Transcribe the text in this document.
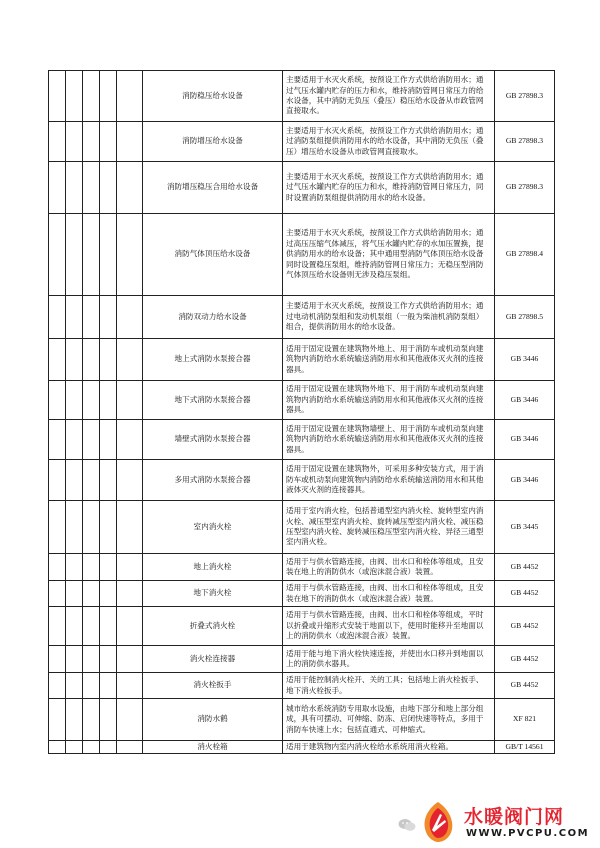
					消防稳压给水设备	主要适用于水灭火系统，按预设工作方式供给消防用水；通过气压水罐内贮存的压力和水，维持消防管网日常压力的给水设备，其中消防无负压（叠压）稳压给水设备从市政管网直接取水。	GB 27898.3
					消防增压给水设备	主要适用于水灭火系统，按预设工作方式供给消防用水；通过消防泵组提供消防用水的给水设备，其中消防无负压（叠压）增压给水设备从市政管网直接取水。	GB 27898.3
					消防增压稳压合用给水设备	主要适用于水灭火系统，按预设工作方式供给消防用水；通过气压水罐内贮存的压力和水，维持消防管网日常压力，同时设置消防泵组提供消防用水的给水设备。	GB 27898.3
					消防气体顶压给水设备	主要适用于水灭火系统，按预设工作方式供给消防用水；通过高压压缩气体减压，将气压水罐内贮存的水加压置换，提供消防用水的给水设备；其中通用型消防气体顶压给水设备同时设置稳压泵组，维持消防管网日常压力；无稳压型消防气体顶压给水设备则无涉及稳压泵组。	GB 27898.4
					消防双动力给水设备	主要适用于水灭火系统，按预设工作方式供给消防用水；通过电动机消防泵组和发动机泵组（一般为柴油机消防泵组）组合，提供消防用水的给水设备。	GB 27898.5
					地上式消防水泵接合器	适用于固定设置在建筑物外地上、用于消防车或机动泵向建筑物内消防给水系统输送消防用水和其他液体灭火剂的连接器具。	GB 3446
					地下式消防水泵接合器	适用于固定设置在建筑物外地下、用于消防车或机动泵向建筑物内消防给水系统输送消防用水和其他液体灭火剂的连接器具。	GB 3446
					墙壁式消防水泵接合器	适用于固定设置在建筑物墙壁上、用于消防车或机动泵向建筑物内消防给水系统输送消防用水和其他液体灭火剂的连接器具。	GB 3446
					多用式消防水泵接合器	适用于固定设置在建筑物外，可采用多种安装方式，用于消防车或机动泵向建筑物内消防给水系统输送消防用水和其他液体灭火剂的连接器具。	GB 3446
					室内消火栓	适用于室内消火栓，包括普通型室内消火栓、旋转型室内消火栓、减压型室内消火栓、旋转减压型室内消火栓、减压稳压型室内消火栓、旋转减压稳压型室内消火栓、异径三通型室内消火栓。	GB 3445
					地上消火栓	适用于与供水管路连接，由阀、出水口和栓体等组成，且安装在地上的消防供水（或泡沫混合液）装置。	GB 4452
					地下消火栓	适用于与供水管路连接，由阀、出水口和栓体等组成，且安装在地下的消防供水（或泡沫混合液）装置。	GB 4452
					折叠式消火栓	适用于与供水管路连接，由阀、出水口和栓体等组成，平时以折叠或升缩形式安装于地面以下，使用时能移升至地面以上的消防供水（或泡沫混合液）装置。	GB 4452
					消火栓连接器	适用于能与地下消火栓快速连接，并使出水口移升到地面以上的消防供水器具。	GB 4452
					消火栓扳手	适用于能控制消火栓开、关的工具；包括地上消火栓扳手、地下消火栓扳手。	GB 4452
					消防水鹤	城市给水系统消防专用取水设施，由地下部分和地上部分组成，具有可摆动、可伸缩、防冻、启闭快速等特点，多用于消防车快速上水；包括直通式、可伸缩式。	XF 821
					消火栓箱	适用于建筑物内室内消火栓给水系统用消火栓箱。	GB/T 14561
水暖阀门网
WWW.PVCPU.COM
